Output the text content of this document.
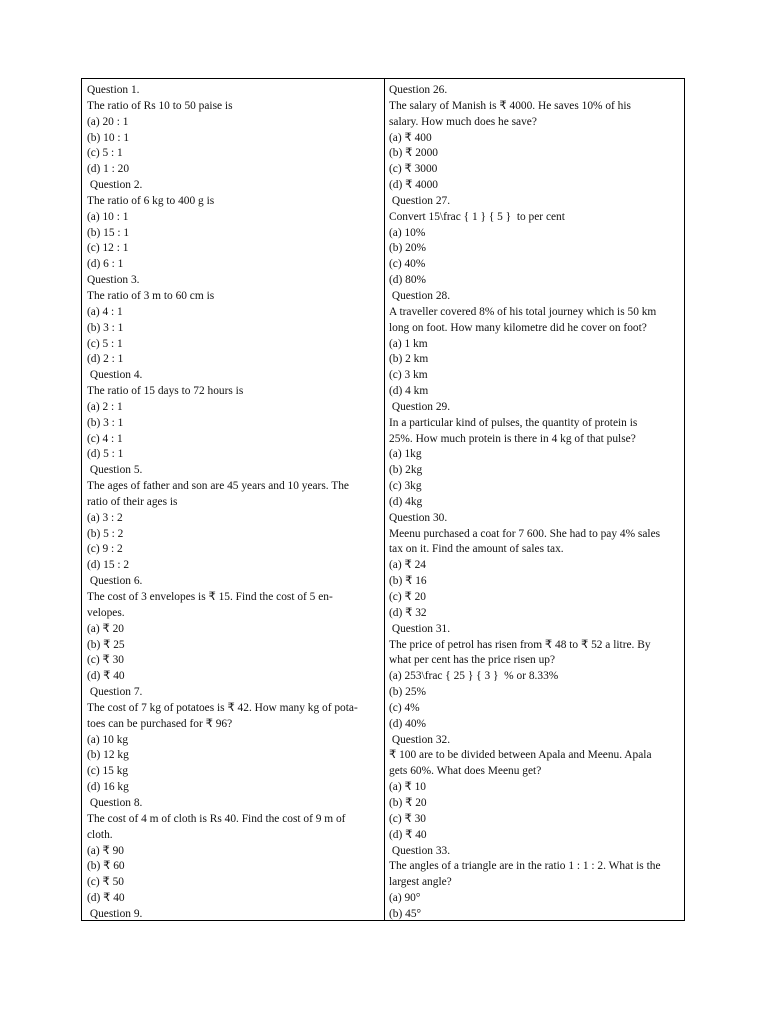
Question 1.
The ratio of Rs 10 to 50 paise is
(a) 20 : 1
(b) 10 : 1
(c) 5 : 1
(d) 1 : 20
Question 2.
The ratio of 6 kg to 400 g is
(a) 10 : 1
(b) 15 : 1
(c) 12 : 1
(d) 6 : 1
Question 3.
The ratio of 3 m to 60 cm is
(a) 4 : 1
(b) 3 : 1
(c) 5 : 1
(d) 2 : 1
Question 4.
The ratio of 15 days to 72 hours is
(a) 2 : 1
(b) 3 : 1
(c) 4 : 1
(d) 5 : 1
Question 5.
The ages of father and son are 45 years and 10 years. The
ratio of their ages is
(a) 3 : 2
(b) 5 : 2
(c) 9 : 2
(d) 15 : 2
Question 6.
The cost of 3 envelopes is ₹ 15. Find the cost of 5 en-
velopes.
(a) ₹ 20
(b) ₹ 25
(c) ₹ 30
(d) ₹ 40
Question 7.
The cost of 7 kg of potatoes is ₹ 42. How many kg of pota-
toes can be purchased for ₹ 96?
(a) 10 kg
(b) 12 kg
(c) 15 kg
(d) 16 kg
Question 8.
The cost of 4 m of cloth is Rs 40. Find the cost of 9 m of
cloth.
(a) ₹ 90
(b) ₹ 60
(c) ₹ 50
(d) ₹ 40
Question 9.
Question 26.
The salary of Manish is ₹ 4000. He saves 10% of his
salary. How much does he save?
(a) ₹ 400
(b) ₹ 2000
(c) ₹ 3000
(d) ₹ 4000
Question 27.
Convert 15\frac { 1 } { 5 }  to per cent
(a) 10%
(b) 20%
(c) 40%
(d) 80%
Question 28.
A traveller covered 8% of his total journey which is 50 km
long on foot. How many kilometre did he cover on foot?
(a) 1 km
(b) 2 km
(c) 3 km
(d) 4 km
Question 29.
In a particular kind of pulses, the quantity of protein is
25%. How much protein is there in 4 kg of that pulse?
(a) 1kg
(b) 2kg
(c) 3kg
(d) 4kg
Question 30.
Meenu purchased a coat for 7 600. She had to pay 4% sales
tax on it. Find the amount of sales tax.
(a) ₹ 24
(b) ₹ 16
(c) ₹ 20
(d) ₹ 32
Question 31.
The price of petrol has risen from ₹ 48 to ₹ 52 a litre. By
what per cent has the price risen up?
(a) 253\frac { 25 } { 3 }  % or 8.33%
(b) 25%
(c) 4%
(d) 40%
Question 32.
₹ 100 are to be divided between Apala and Meenu. Apala
gets 60%. What does Meenu get?
(a) ₹ 10
(b) ₹ 20
(c) ₹ 30
(d) ₹ 40
Question 33.
The angles of a triangle are in the ratio 1 : 1 : 2. What is the
largest angle?
(a) 90°
(b) 45°
